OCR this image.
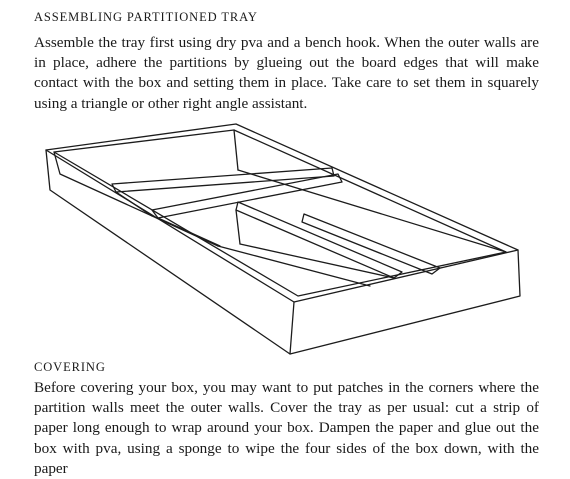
ASSEMBLING PARTITIONED TRAY

Assemble the tray first using dry pva and a bench hook. When the outer walls are in place, adhere the partitions by glueing out the board edges that will make contact with the box and setting them in place. Take care to set them in squarely using a triangle or other right angle assistant.

COVERING

Before covering your box, you may want to put patches in the corners where the partition walls meet the outer walls. Cover the tray as per usual: cut a strip of paper long enough to wrap around your box. Dampen the paper and glue out the box with pva, using a sponge to wipe the four sides of the box down, with the paper
